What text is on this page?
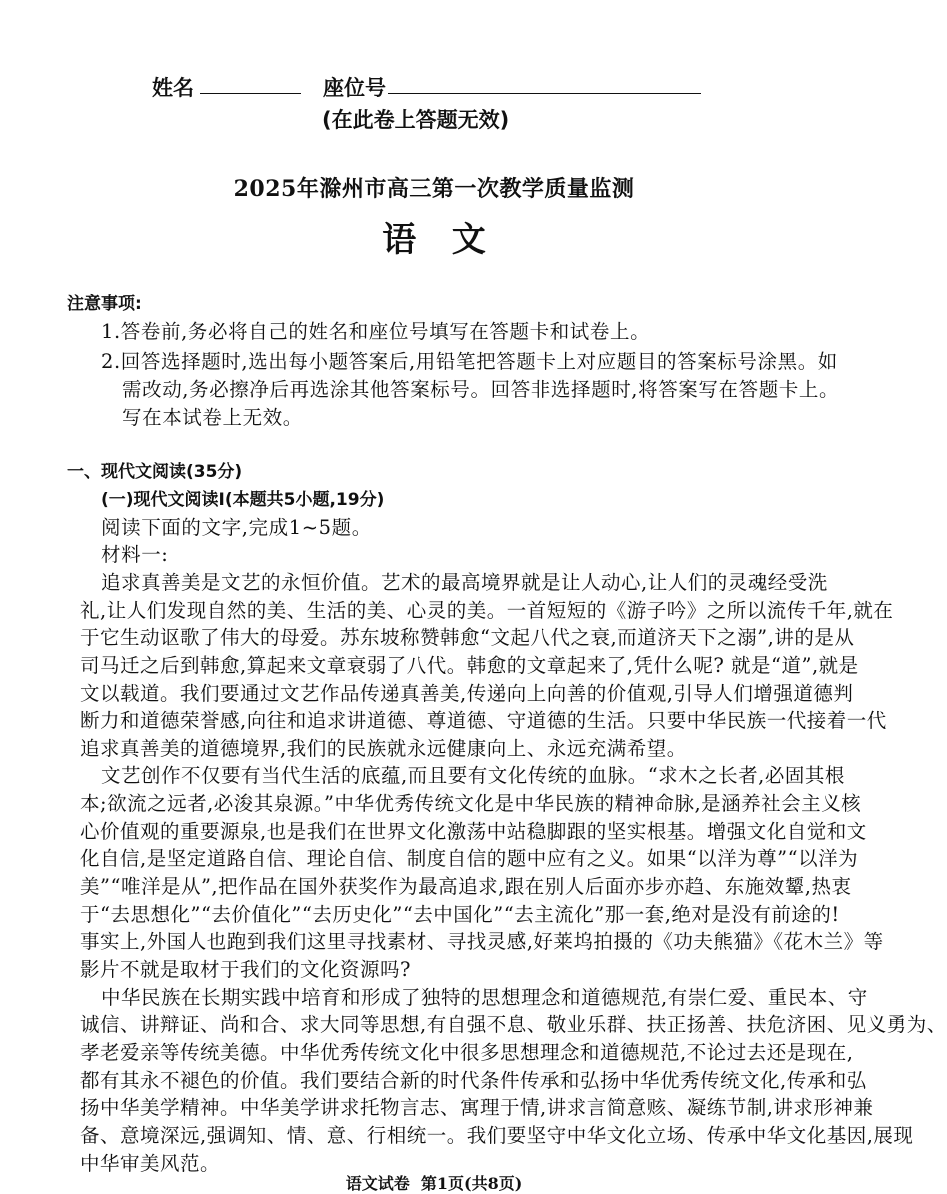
姓名	座位号
(在此卷上答题无效)
2025年滁州市高三第一次教学质量监测
语   文
注意事项:
1.答卷前,务必将自己的姓名和座位号填写在答题卡和试卷上。
2.回答选择题时,选出每小题答案后,用铅笔把答题卡上对应题目的答案标号涂黑。如
需改动,务必擦净后再选涂其他答案标号。回答非选择题时,将答案写在答题卡上。
写在本试卷上无效。
一、现代文阅读(35分)
(一)现代文阅读Ⅰ(本题共5小题,19分)
阅读下面的文字,完成1~5题。
材料一:
追求真善美是文艺的永恒价值。艺术的最高境界就是让人动心,让人们的灵魂经受洗
礼,让人们发现自然的美、生活的美、心灵的美。一首短短的《游子吟》之所以流传千年,就在
于它生动讴歌了伟大的母爱。苏东坡称赞韩愈“文起八代之衰,而道济天下之溺”,讲的是从
司马迁之后到韩愈,算起来文章衰弱了八代。韩愈的文章起来了,凭什么呢? 就是“道”,就是
文以载道。我们要通过文艺作品传递真善美,传递向上向善的价值观,引导人们增强道德判
断力和道德荣誉感,向往和追求讲道德、尊道德、守道德的生活。只要中华民族一代接着一代
追求真善美的道德境界,我们的民族就永远健康向上、永远充满希望。
文艺创作不仅要有当代生活的底蕴,而且要有文化传统的血脉。“求木之长者,必固其根
本;欲流之远者,必浚其泉源。”中华优秀传统文化是中华民族的精神命脉,是涵养社会主义核
心价值观的重要源泉,也是我们在世界文化激荡中站稳脚跟的坚实根基。增强文化自觉和文
化自信,是坚定道路自信、理论自信、制度自信的题中应有之义。如果“以洋为尊”“以洋为
美”“唯洋是从”,把作品在国外获奖作为最高追求,跟在别人后面亦步亦趋、东施效颦,热衷
于“去思想化”“去价值化”“去历史化”“去中国化”“去主流化”那一套,绝对是没有前途的!
事实上,外国人也跑到我们这里寻找素材、寻找灵感,好莱坞拍摄的《功夫熊猫》《花木兰》等
影片不就是取材于我们的文化资源吗?
中华民族在长期实践中培育和形成了独特的思想理念和道德规范,有崇仁爱、重民本、守
诚信、讲辩证、尚和合、求大同等思想,有自强不息、敬业乐群、扶正扬善、扶危济困、见义勇为、
孝老爱亲等传统美德。中华优秀传统文化中很多思想理念和道德规范,不论过去还是现在,
都有其永不褪色的价值。我们要结合新的时代条件传承和弘扬中华优秀传统文化,传承和弘
扬中华美学精神。中华美学讲求托物言志、寓理于情,讲求言简意赅、凝练节制,讲求形神兼
备、意境深远,强调知、情、意、行相统一。我们要坚守中华文化立场、传承中华文化基因,展现
中华审美风范。
语文试卷  第1页(共8页)
